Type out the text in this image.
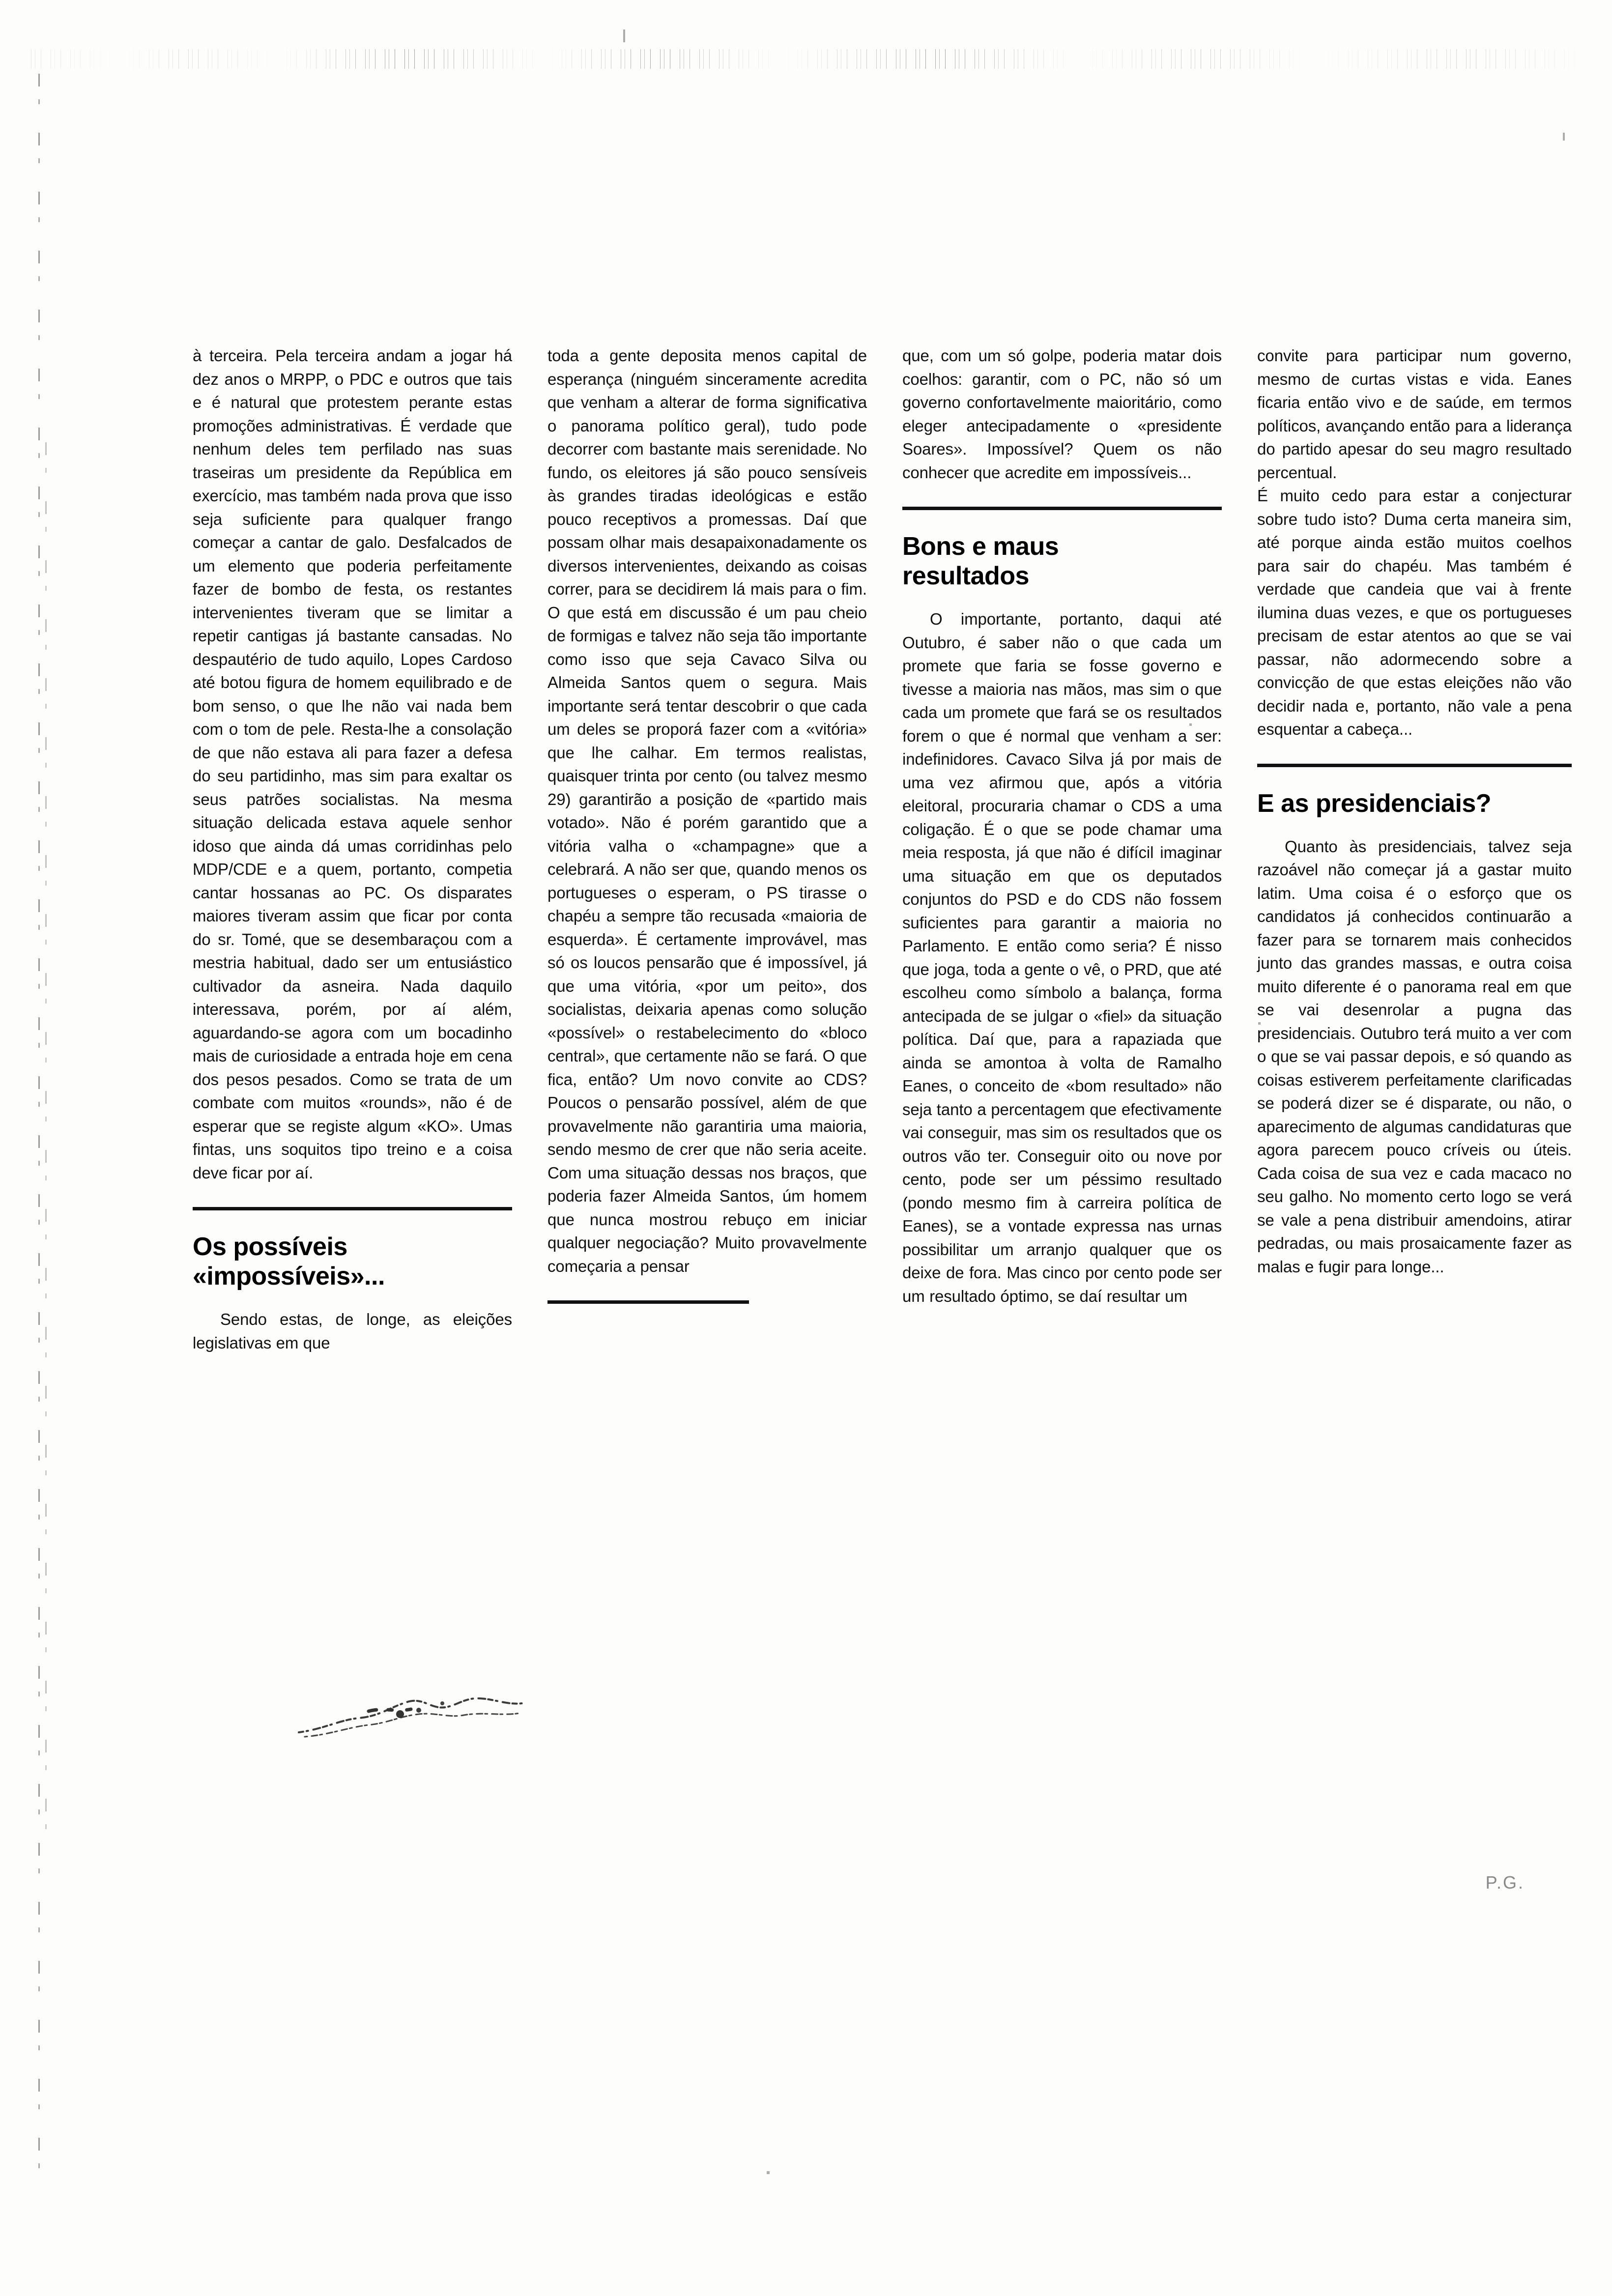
à terceira. Pela terceira andam a jogar há dez anos o MRPP, o PDC e outros que tais e é natural que protestem perante estas promoções administrativas. É verdade que nenhum deles tem perfilado nas suas traseiras um presidente da República em exercício, mas também nada prova que isso seja suficiente para qualquer frango começar a cantar de galo. Desfalcados de um elemento que poderia perfeitamente fazer de bombo de festa, os restantes intervenientes tiveram que se limitar a repetir cantigas já bastante cansadas. No despautério de tudo aquilo, Lopes Cardoso até botou figura de homem equilibrado e de bom senso, o que lhe não vai nada bem com o tom de pele. Resta-lhe a consolação de que não estava ali para fazer a defesa do seu partidinho, mas sim para exaltar os seus patrões socialistas. Na mesma situação delicada estava aquele senhor idoso que ainda dá umas corridinhas pelo MDP/CDE e a quem, portanto, competia cantar hossanas ao PC. Os disparates maiores tiveram assim que ficar por conta do sr. Tomé, que se desembaraçou com a mestria habitual, dado ser um entusiástico cultivador da asneira. Nada daquilo interessava, porém, por aí além, aguardando-se agora com um bocadinho mais de curiosidade a entrada hoje em cena dos pesos pesados. Como se trata de um combate com muitos «rounds», não é de esperar que se registe algum «KO». Umas fintas, uns soquitos tipo treino e a coisa deve ficar por aí.

Os possíveis
«impossíveis»...

Sendo estas, de longe, as eleições legislativas em que

toda a gente deposita menos capital de esperança (ninguém sinceramente acredita que venham a alterar de forma significativa o panorama político geral), tudo pode decorrer com bastante mais serenidade. No fundo, os eleitores já são pouco sensíveis às grandes tiradas ideológicas e estão pouco receptivos a promessas. Daí que possam olhar mais desapaixonadamente os diversos intervenientes, deixando as coisas correr, para se decidirem lá mais para o fim. O que está em discussão é um pau cheio de formigas e talvez não seja tão importante como isso que seja Cavaco Silva ou Almeida Santos quem o segura. Mais importante será tentar descobrir o que cada um deles se proporá fazer com a «vitória» que lhe calhar. Em termos realistas, quaisquer trinta por cento (ou talvez mesmo 29) garantirão a posição de «partido mais votado». Não é porém garantido que a vitória valha o «champagne» que a celebrará. A não ser que, quando menos os portugueses o esperam, o PS tirasse o chapéu a sempre tão recusada «maioria de esquerda». É certamente improvável, mas só os loucos pensarão que é impossível, já que uma vitória, «por um peito», dos socialistas, deixaria apenas como solução «possível» o restabelecimento do «bloco central», que certamente não se fará. O que fica, então? Um novo convite ao CDS? Poucos o pensarão possível, além de que provavelmente não garantiria uma maioria, sendo mesmo de crer que não seria aceite. Com uma situação dessas nos braços, que poderia fazer Almeida Santos, úm homem que nunca mostrou rebuço em iniciar qualquer negociação? Muito provavelmente começaria a pensar

que, com um só golpe, poderia matar dois coelhos: garantir, com o PC, não só um governo confortavelmente maioritário, como eleger antecipadamente o «presidente Soares». Impossível? Quem os não conhecer que acredite em impossíveis...

Bons e maus
resultados

O importante, portanto, daqui até Outubro, é saber não o que cada um promete que faria se fosse governo e tivesse a maioria nas mãos, mas sim o que cada um promete que fará se os resultados forem o que é normal que venham a ser: indefinidores. Cavaco Silva já por mais de uma vez afirmou que, após a vitória eleitoral, procuraria chamar o CDS a uma coligação. É o que se pode chamar uma meia resposta, já que não é difícil imaginar uma situação em que os deputados conjuntos do PSD e do CDS não fossem suficientes para garantir a maioria no Parlamento. E então como seria? É nisso que joga, toda a gente o vê, o PRD, que até escolheu como símbolo a balança, forma antecipada de se julgar o «fiel» da situação política. Daí que, para a rapaziada que ainda se amontoa à volta de Ramalho Eanes, o conceito de «bom resultado» não seja tanto a percentagem que efectivamente vai conseguir, mas sim os resultados que os outros vão ter. Conseguir oito ou nove por cento, pode ser um péssimo resultado (pondo mesmo fim à carreira política de Eanes), se a vontade expressa nas urnas possibilitar um arranjo qualquer que os deixe de fora. Mas cinco por cento pode ser um resultado óptimo, se daí resultar um

convite para participar num governo, mesmo de curtas vistas e vida. Eanes ficaria então vivo e de saúde, em termos políticos, avançando então para a liderança do partido apesar do seu magro resultado percentual.

É muito cedo para estar a conjecturar sobre tudo isto? Duma certa maneira sim, até porque ainda estão muitos coelhos para sair do chapéu. Mas também é verdade que candeia que vai à frente ilumina duas vezes, e que os portugueses precisam de estar atentos ao que se vai passar, não adormecendo sobre a convicção de que estas eleições não vão decidir nada e, portanto, não vale a pena esquentar a cabeça...

E as presidenciais?

Quanto às presidenciais, talvez seja razoável não começar já a gastar muito latim. Uma coisa é o esforço que os candidatos já conhecidos continuarão a fazer para se tornarem mais conhecidos junto das grandes massas, e outra coisa muito diferente é o panorama real em que se vai desenrolar a pugna das presidenciais. Outubro terá muito a ver com o que se vai passar depois, e só quando as coisas estiverem perfeitamente clarificadas se poderá dizer se é disparate, ou não, o aparecimento de algumas candidaturas que agora parecem pouco críveis ou úteis. Cada coisa de sua vez e cada macaco no seu galho. No momento certo logo se verá se vale a pena distribuir amendoins, atirar pedradas, ou mais prosaicamente fazer as malas e fugir para longe...

P.G.
